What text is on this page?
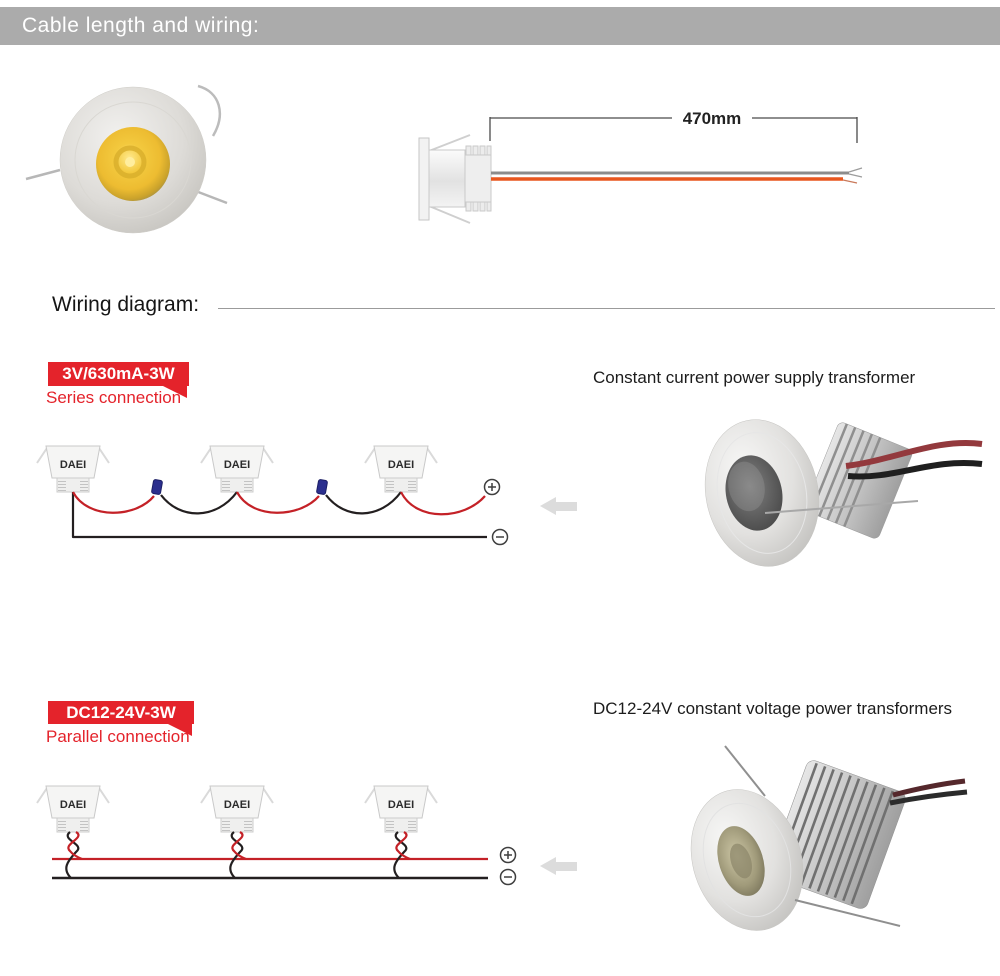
Cable length and wiring:
470mm
Wiring diagram:
3V/630mA-3W
Series connection
Constant current power supply transformer
DAEI	DAEI	DAEI
DC12-24V-3W
Parallel connection
DC12-24V constant voltage power transformers
DAEI	DAEI	DAEI
